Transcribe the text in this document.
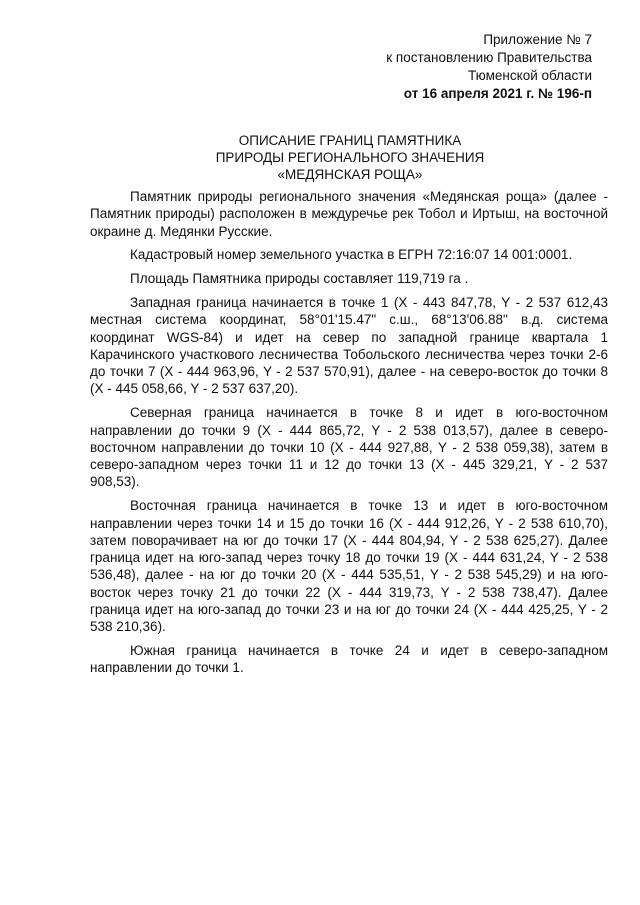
Приложение № 7
к постановлению Правительства
Тюменской области
от 16 апреля 2021 г. № 196-п
ОПИСАНИЕ ГРАНИЦ ПАМЯТНИКА
ПРИРОДЫ РЕГИОНАЛЬНОГО ЗНАЧЕНИЯ
«МЕДЯНСКАЯ РОЩА»

Памятник природы регионального значения «Медянская роща» (далее - Памятник природы) расположен в междуречье рек Тобол и Иртыш, на восточной окраине д. Медянки Русские.

Кадастровый номер земельного участка в ЕГРН 72:16:07 14 001:0001.

Площадь Памятника природы составляет 119,719 га .

Западная граница начинается в точке 1 (X - 443 847,78, Y - 2 537 612,43 местная система координат, 58°01'15.47" с.ш., 68°13'06.88" в.д. система координат WGS-84) и идет на север по западной границе квартала 1 Карачинского участкового лесничества Тобольского лесничества через точки 2-6 до точки 7 (X - 444 963,96, Y - 2 537 570,91), далее - на северо-восток до точки 8 (X - 445 058,66, Y - 2 537 637,20).

Северная граница начинается в точке 8 и идет в юго-восточном направлении до точки 9 (X - 444 865,72, Y - 2 538 013,57), далее в северо-восточном направлении до точки 10 (X - 444 927,88, Y - 2 538 059,38), затем в северо-западном через точки 11 и 12 до точки 13 (X - 445 329,21, Y - 2 537 908,53).

Восточная граница начинается в точке 13 и идет в юго-восточном направлении через точки 14 и 15 до точки 16 (X - 444 912,26, Y - 2 538 610,70), затем поворачивает на юг до точки 17 (X - 444 804,94, Y - 2 538 625,27). Далее граница идет на юго-запад через точку 18 до точки 19 (X - 444 631,24, Y - 2 538 536,48), далее - на юг до точки 20 (X - 444 535,51, Y - 2 538 545,29) и на юго-восток через точку 21 до точки 22 (X - 444 319,73, Y - 2 538 738,47). Далее граница идет на юго-запад до точки 23 и на юг до точки 24 (X - 444 425,25, Y - 2 538 210,36).

Южная граница начинается в точке 24 и идет в северо-западном направлении до точки 1.
